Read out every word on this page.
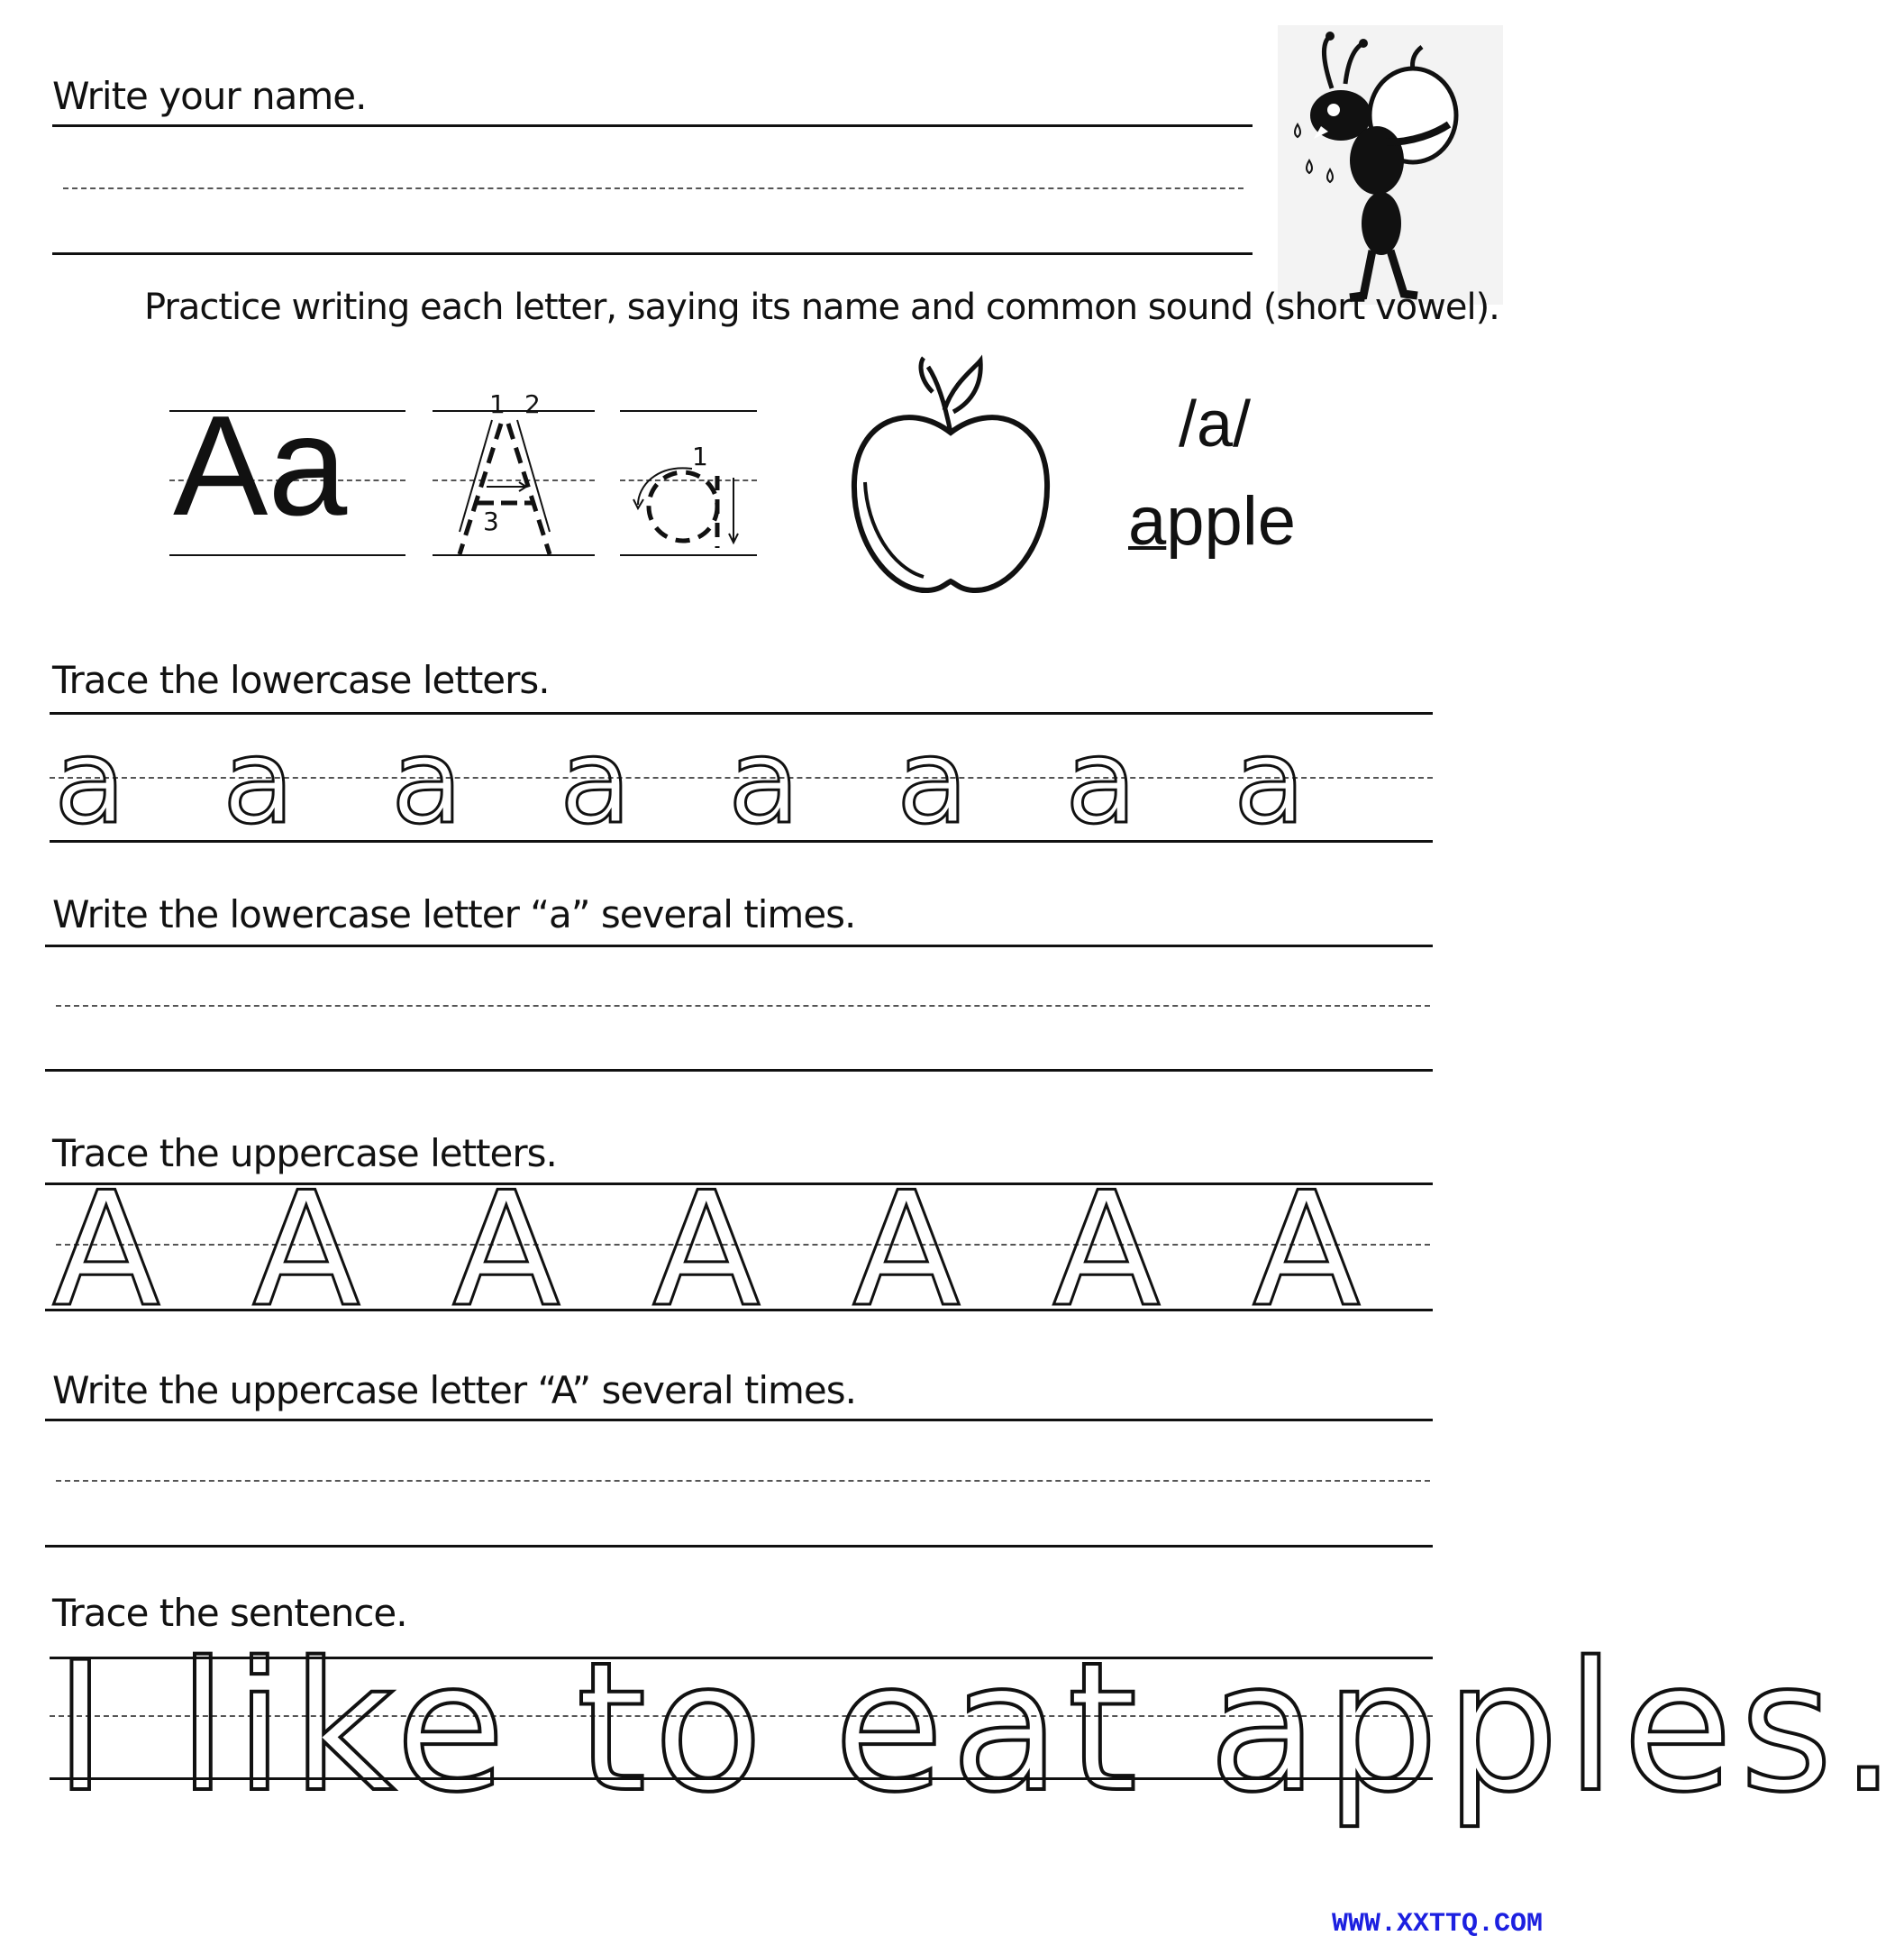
Write your name.
Practice writing each letter, saying its name and common sound (short vowel).
Aa	1 2
3
1	/a/
apple
Trace the lowercase letters.
a a a a a a a a
Write the lowercase letter “a” several times.
Trace the uppercase letters.
A A A A A A A
Write the uppercase letter “A” several times.
Trace the sentence.
I like to eat apples.
WWW.XXTTQ.COM
